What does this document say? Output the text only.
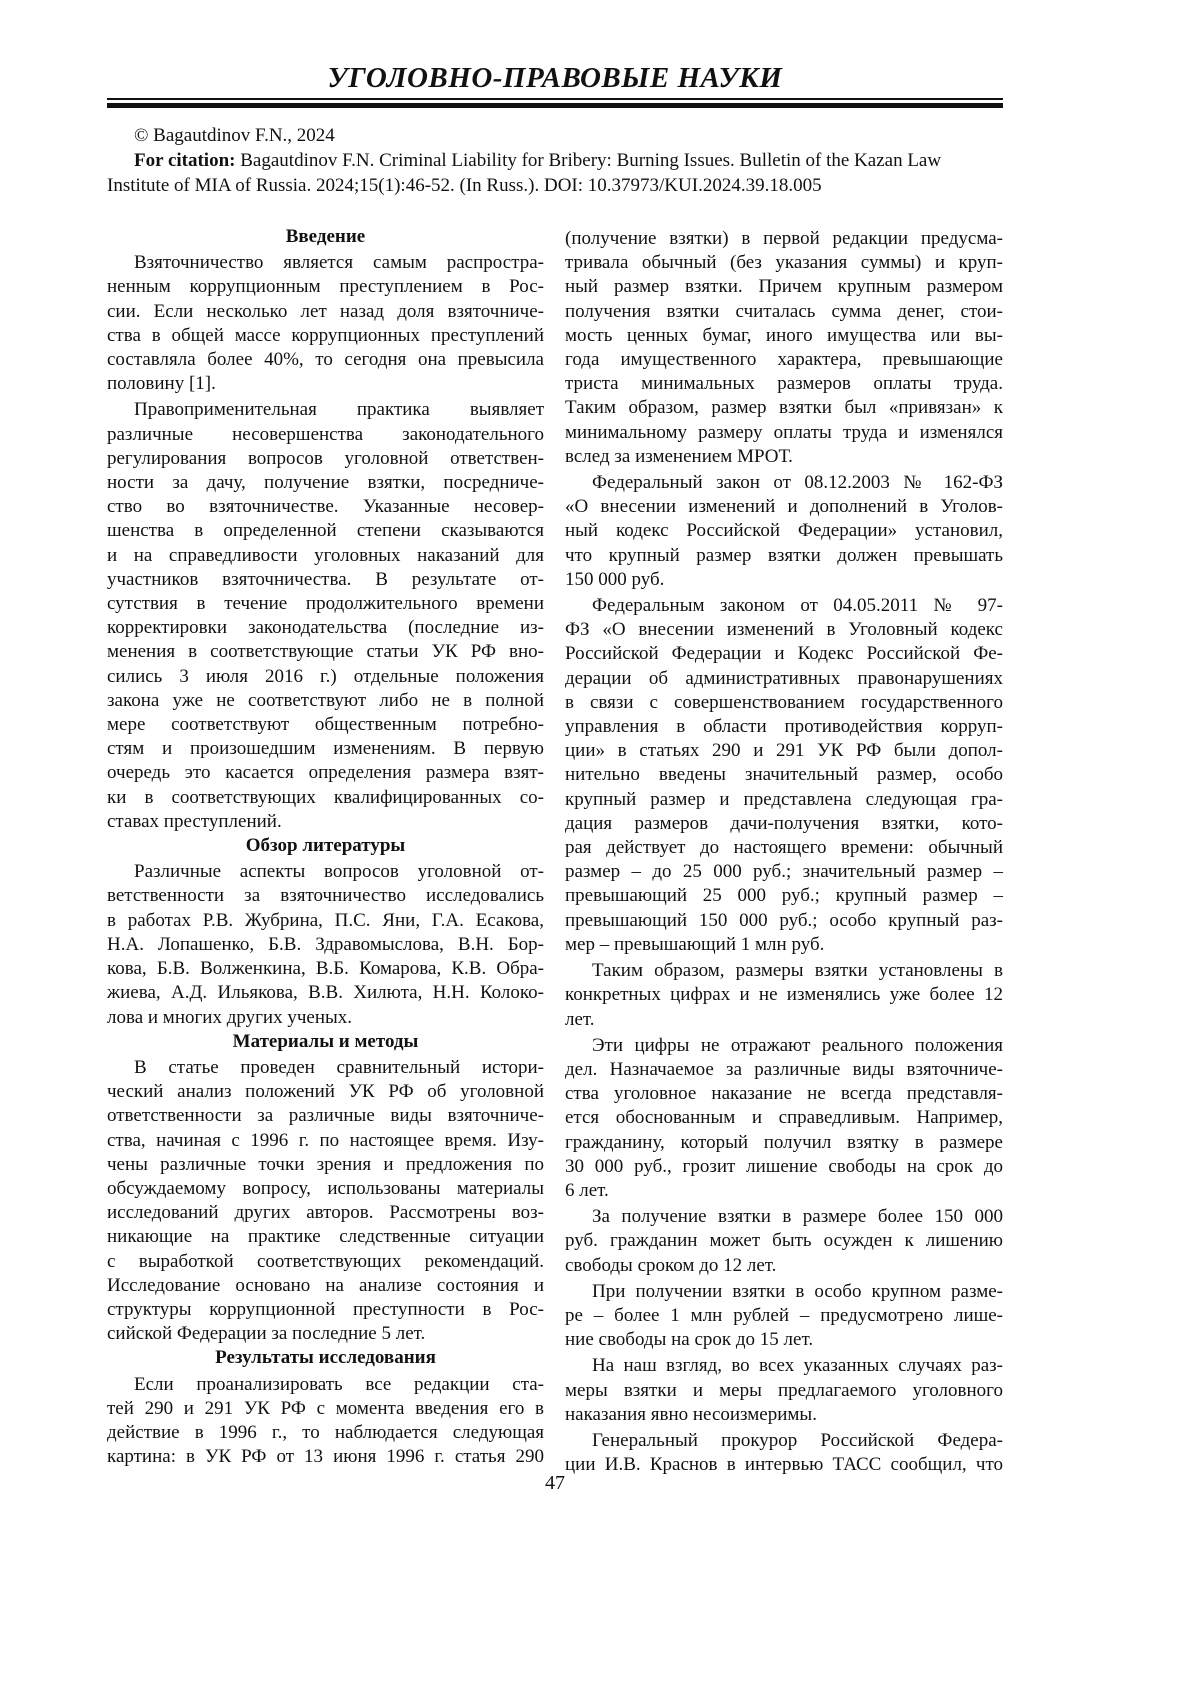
УГОЛОВНО-ПРАВОВЫЕ НАУКИ
© Bagautdinov F.N., 2024
For citation: Bagautdinov F.N. Criminal Liability for Bribery: Burning Issues. Bulletin of the Kazan Law
Institute of MIA of Russia. 2024;15(1):46-52. (In Russ.). DOI: 10.37973/KUI.2024.39.18.005
Введение
Взяточничество является самым распростра-
ненным коррупционным преступлением в Рос-
сии. Если несколько лет назад доля взяточниче-
ства в общей массе коррупционных преступлений
составляла более 40%, то сегодня она превысила
половину [1].
Правоприменительная практика выявляет
различные несовершенства законодательного
регулирования вопросов уголовной ответствен-
ности за дачу, получение взятки, посредниче-
ство во взяточничестве. Указанные несовер-
шенства в определенной степени сказываются
и на справедливости уголовных наказаний для
участников взяточничества. В результате от-
сутствия в течение продолжительного времени
корректировки законодательства (последние из-
менения в соответствующие статьи УК РФ вно-
сились 3 июля 2016 г.) отдельные положения
закона уже не соответствуют либо не в полной
мере соответствуют общественным потребно-
стям и произошедшим изменениям. В первую
очередь это касается определения размера взят-
ки в соответствующих квалифицированных со-
ставах преступлений.
Обзор литературы
Различные аспекты вопросов уголовной от-
ветственности за взяточничество исследовались
в работах Р.В. Жубрина, П.С. Яни, Г.А. Есакова,
Н.А. Лопашенко, Б.В. Здравомыслова, В.Н. Бор-
кова, Б.В. Волженкина, В.Б. Комарова, К.В. Обра-
жиева, А.Д. Ильякова, В.В. Хилюта, Н.Н. Колоко-
лова и многих других ученых.
Материалы и методы
В статье проведен сравнительный истори-
ческий анализ положений УК РФ об уголовной
ответственности за различные виды взяточниче-
ства, начиная с 1996 г. по настоящее время. Изу-
чены различные точки зрения и предложения по
обсуждаемому вопросу, использованы материалы
исследований других авторов. Рассмотрены воз-
никающие на практике следственные ситуации
с выработкой соответствующих рекомендаций.
Исследование основано на анализе состояния и
структуры коррупционной преступности в Рос-
сийской Федерации за последние 5 лет.
Результаты исследования
Если проанализировать все редакции ста-
тей 290 и 291 УК РФ с момента введения его в
действие в 1996 г., то наблюдается следующая
картина: в УК РФ от 13 июня 1996 г. статья 290
(получение взятки) в первой редакции предусма-
тривала обычный (без указания суммы) и круп-
ный размер взятки. Причем крупным размером
получения взятки считалась сумма денег, стои-
мость ценных бумаг, иного имущества или вы-
года имущественного характера, превышающие
триста минимальных размеров оплаты труда.
Таким образом, размер взятки был «привязан» к
минимальному размеру оплаты труда и изменялся
вслед за изменением МРОТ.
Федеральный закон от 08.12.2003 № 162-ФЗ
«О внесении изменений и дополнений в Уголов-
ный кодекс Российской Федерации» установил,
что крупный размер взятки должен превышать
150 000 руб.
Федеральным законом от 04.05.2011 № 97-
ФЗ «О внесении изменений в Уголовный кодекс
Российской Федерации и Кодекс Российской Фе-
дерации об административных правонарушениях
в связи с совершенствованием государственного
управления в области противодействия корруп-
ции» в статьях 290 и 291 УК РФ были допол-
нительно введены значительный размер, особо
крупный размер и представлена следующая гра-
дация размеров дачи-получения взятки, кото-
рая действует до настоящего времени: обычный
размер – до 25 000 руб.; значительный размер –
превышающий 25 000 руб.; крупный размер –
превышающий 150 000 руб.; особо крупный раз-
мер – превышающий 1 млн руб.
Таким образом, размеры взятки установлены в
конкретных цифрах и не изменялись уже более 12
лет.
Эти цифры не отражают реального положения
дел. Назначаемое за различные виды взяточниче-
ства уголовное наказание не всегда представля-
ется обоснованным и справедливым. Например,
гражданину, который получил взятку в размере
30 000 руб., грозит лишение свободы на срок до
6 лет.
За получение взятки в размере более 150 000
руб. гражданин может быть осужден к лишению
свободы сроком до 12 лет.
При получении взятки в особо крупном разме-
ре – более 1 млн рублей – предусмотрено лише-
ние свободы на срок до 15 лет.
На наш взгляд, во всех указанных случаях раз-
меры взятки и меры предлагаемого уголовного
наказания явно несоизмеримы.
Генеральный прокурор Российской Федера-
ции И.В. Краснов в интервью ТАСС сообщил, что
47
